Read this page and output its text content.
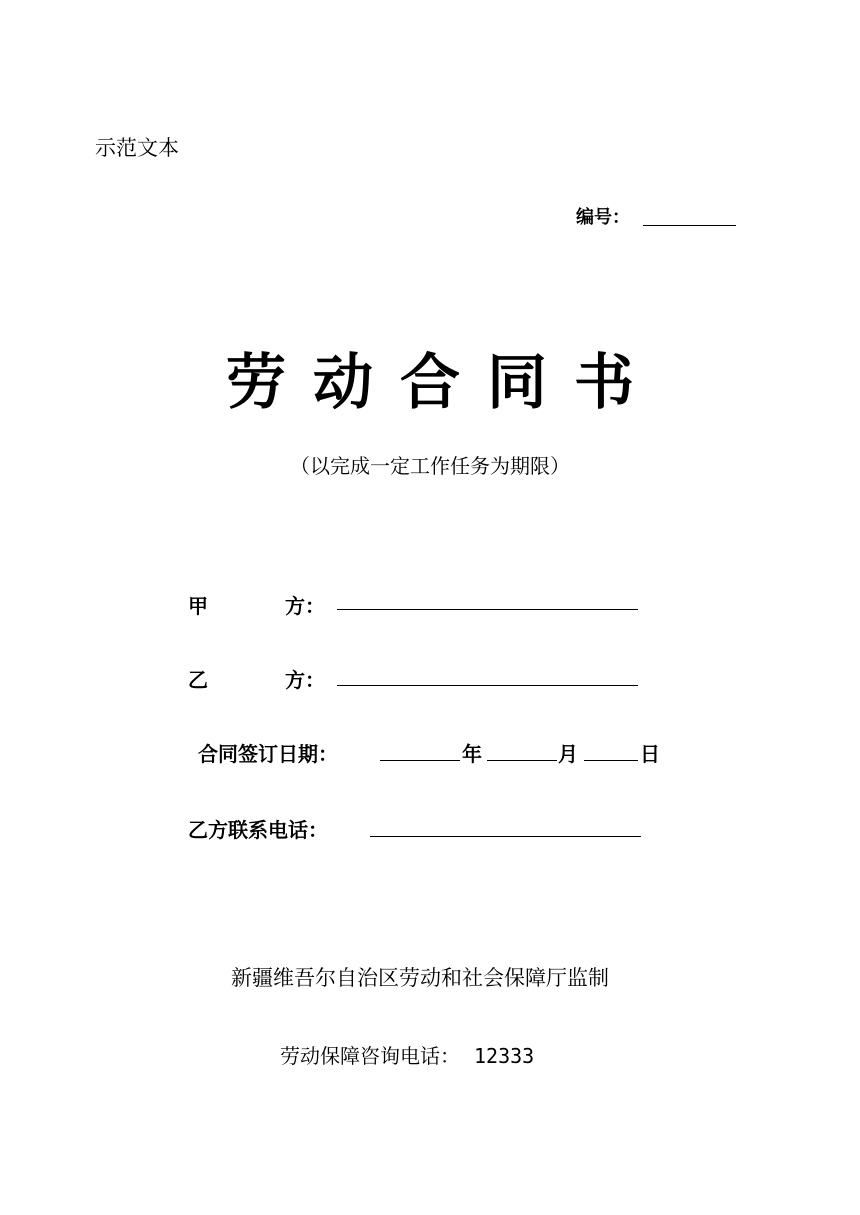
示范文本
编号：
劳动合同书
（以完成一定工作任务为期限）
甲	方：
乙	方：
合同签订日期：	年	月	日
乙方联系电话：
新疆维吾尔自治区劳动和社会保障厅监制
劳动保障咨询电话： 12333
